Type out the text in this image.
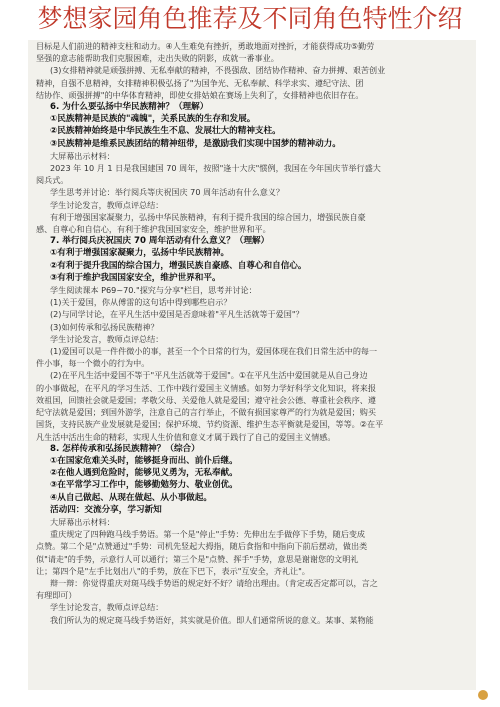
梦想家园角色推荐及不同角色特性介绍
目标是人们前进的精神支柱和动力。④人生难免有挫折，勇敢地面对挫折，才能获得成功⑤勤劳
坚强的意志能帮助我们克服困难，走出失败的阴影，成就一番事业。
(3)女排精神就是顽强拼搏、无私奉献的精神，不畏强敌、团结协作精神、奋力拼搏、艰苦创业
精神，自强不息精神，女排精神积极弘扬了"为国争光、无私奉献、科学求实、遵纪守法、团
结协作、顽强拼搏"的中华体育精神，即使女排姑娘在赛场上失利了，女排精神也依旧存在。
6. 为什么要弘扬中华民族精神？（理解）
①民族精神是民族的"魂魄"，关系民族的生存和发展。
②民族精神始终是中华民族生生不息、发展壮大的精神支柱。
③民族精神是维系民族团结的精神纽带，是激励我们实现中国梦的精神动力。
大屏幕出示材料：
2023 年 10 月 1 日是我国建国 70 周年，按照"逢十大庆"惯例，我国在今年国庆节举行盛大
阅兵式。
学生思考并讨论：举行阅兵等庆祝国庆 70 周年活动有什么意义？
学生讨论发言，教师点评总结：
有利于增强国家凝聚力，弘扬中华民族精神，有利于提升我国的综合国力，增强民族自豪
感、自尊心和自信心，有利于维护我国国家安全，维护世界和平。
7. 举行阅兵庆祝国庆 70 周年活动有什么意义？（理解）
①有利于增强国家凝聚力，弘扬中华民族精神。
②有利于提升我国的综合国力，增强民族自豪感、自尊心和自信心。
③有利于维护我国国家安全，维护世界和平。
学生阅读课本 P69~70."探究与分享"栏目，思考并讨论：
(1)关于爱国，你从傅雷的这句话中得到哪些启示？
(2)与同学讨论，在平凡生活中爱国是否意味着"平凡生活就等于爱国"？
(3)如何传承和弘扬民族精神？
学生讨论发言，教师点评总结：
(1)爱国可以是一件件微小的事，甚至一个个日常的行为，爱国体现在我们日常生活中的每一
件小事，每一个微小的行为中。
(2)在平凡生活中爱国不等于"平凡生活就等于爱国"。①在平凡生活中爱国就是从自己身边
的小事做起，在平凡的学习生活、工作中践行爱国主义情感。如努力学好科学文化知识，将来报
效祖国，回馈社会就是爱国；孝敬父母、关爱他人就是爱国；遵守社会公德、尊重社会秩序、遵
纪守法就是爱国；到国外游学，注意自己的言行举止，不做有损国家尊严的行为就是爱国；购买
国货，支持民族产业发展就是爱国；保护环境、节约资源、维护生态平衡就是爱国，等等。②在平
凡生活中活出生命的精彩，实现人生价值和意义才属于践行了自己的爱国主义情感。
8. 怎样传承和弘扬民族精神？（综合）
①在国家危难关头时，能够挺身而出、前仆后继。
②在他人遇到危险时，能够见义勇为，无私奉献。
③在平常学习工作中，能够勤勉努力、敬业创优。
④从自己做起、从现在做起、从小事做起。
活动四：交流分享，学习新知
大屏幕出示材料：
重庆规定了四种跑马线手势语。第一个是"停止"手势：先伸出左手做停下手势，随后变成
点赞。第二个是"点赞通过"手势：司机先竖起大拇指，随后食指和中指向下前后摆动，做出类
似"请走"的手势，示意行人可以通行；第三个是"点赞、挥手"手势，意思是谢谢您的文明礼
让；第四个是"左手比划出八"的手势，放在下巴下，表示"互安全，齐礼让"。
辩一辩：你觉得重庆对斑马线手势语的规定好不好？请给出理由。（肯定或否定都可以，言之
有理即可）
学生讨论发言，教师点评总结：
我们所认为的规定斑马线手势语好，其实就是价值。即人们通常所说的意义。某事、某物能
